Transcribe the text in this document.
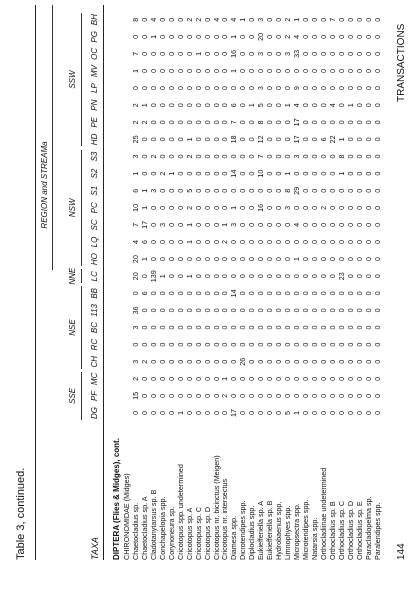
Table 3, continued.
REGION and STREAMa
SSE
NSE
NNE
NSW
SSW
DG
PF
MC
CH
RC
BC
113
BB
LC
HO
LQ
SC
PC
S1
S2
S3
HD
PE
PN
LP
MV
OC
PG
BH
TAXA DIPTERA (Flies & Midges), cont. CHIRONOMIDAE (Midges) Chaetocladius sp.
0
15
2
3
0
3
36
0
20
20
4
7
10
6
1
3
25
2
2
0
1
7
0
8
Chaetocladius sp. A
0
0
0
2
0
0
0
6
0
1
6
17
1
1
0
0
0
2
1
0
0
0
0
0
Cladotanytarsus sp. B
0
0
0
0
0
0
0
0
139
0
0
0
0
3
0
2
0
0
0
0
0
0
1
4
Conchapelopia spp.
0
0
0
0
0
0
0
0
1
0
0
3
0
0
2
0
0
0
0
0
0
0
0
0
Corynoneura sp.
0
0
0
0
0
0
0
0
0
0
0
0
0
0
1
0
0
0
0
0
0
0
0
0
Cricotopus spp. undetermined
1
0
0
0
0
0
0
0
0
0
0
0
0
0
0
0
0
0
0
0
0
0
0
0
Cricotopus sp. A
0
0
0
0
0
0
0
0
1
0
1
1
2
5
0
2
1
0
0
0
0
0
0
2
Cricotopus sp. C
0
0
0
0
0
0
0
0
0
0
0
0
0
0
0
0
0
0
0
0
0
1
0
2
Cricotopus sp. D
0
0
0
0
0
0
0
0
0
0
0
0
0
0
0
0
0
0
0
0
0
0
0
0
Cricotopus nr. bicinctus (Meigen)
0
0
0
0
0
0
0
0
0
0
0
0
0
0
0
0
0
0
0
0
0
0
0
4
Cricotopus nr. intersectus
0
2
1
0
0
0
0
0
0
0
2
1
0
0
0
0
0
0
0
0
0
0
0
0
Diamesa spp.
17
0
0
0
0
0
0
14
0
0
0
3
1
0
14
0
18
7
6
0
1
16
1
4
Dicrotendipes spp.
0
0
0
26
0
0
0
0
0
0
0
0
0
0
0
0
0
0
0
0
0
0
0
1
Diplocladius spp.
0
0
0
0
0
0
0
0
0
0
0
0
0
0
0
0
0
0
1
0
0
0
0
0
Eukiefferiella sp. A
0
0
0
0
0
0
0
0
0
0
0
0
16
0
10
7
12
8
5
3
0
3
20
3
Eukiefferiella sp. B
0
0
0
0
0
0
0
0
0
0
0
0
0
0
0
0
0
0
0
0
0
0
0
0
Hydrobaenus spp.
0
0
0
0
0
0
0
0
0
0
0
0
0
0
0
0
0
0
0
0
0
0
0
0
Limnophyes spp.
5
0
0
0
0
0
0
0
0
0
0
0
3
8
1
0
0
0
1
0
0
3
2
2
Micropsectra spp.
1
0
0
0
0
0
0
0
0
1
0
4
0
29
0
3
17
17
4
9
0
33
4
1
Microtendipes spp.
0
0
0
0
0
0
0
0
0
0
0
0
0
0
0
0
0
0
0
0
0
0
0
0
Natarsia spp.
0
0
0
0
0
0
0
0
0
0
0
0
0
0
0
0
0
0
0
0
0
0
0
0
Orthocladiinae undetermined
0
0
0
0
0
0
0
0
0
0
0
0
2
0
0
0
6
0
0
0
0
0
0
0
Orthocladius sp. B
0
0
0
0
0
0
0
0
0
0
0
0
0
0
0
0
22
0
4
0
0
0
0
7
Orthocladius sp. C
0
0
0
0
0
0
0
0
23
0
0
0
0
0
1
8
1
0
0
0
0
0
0
0
Orthocladius sp. D
0
0
0
0
0
0
0
0
0
0
0
0
0
0
0
0
0
0
1
0
0
0
0
0
Orthocladius sp. E
0
0
0
0
0
0
0
0
0
0
0
0
0
0
0
0
0
0
0
0
0
0
0
0
Paracladopelma sp.
0
0
0
0
0
0
0
0
0
0
0
0
0
0
0
0
0
0
0
0
0
0
0
0
Paralendipes spp.
0
0
0
0
0
0
0
0
0
0
0
0
0
0
0
0
0
0
0
0
0
0
0
0
144
TRANSACTIONS
